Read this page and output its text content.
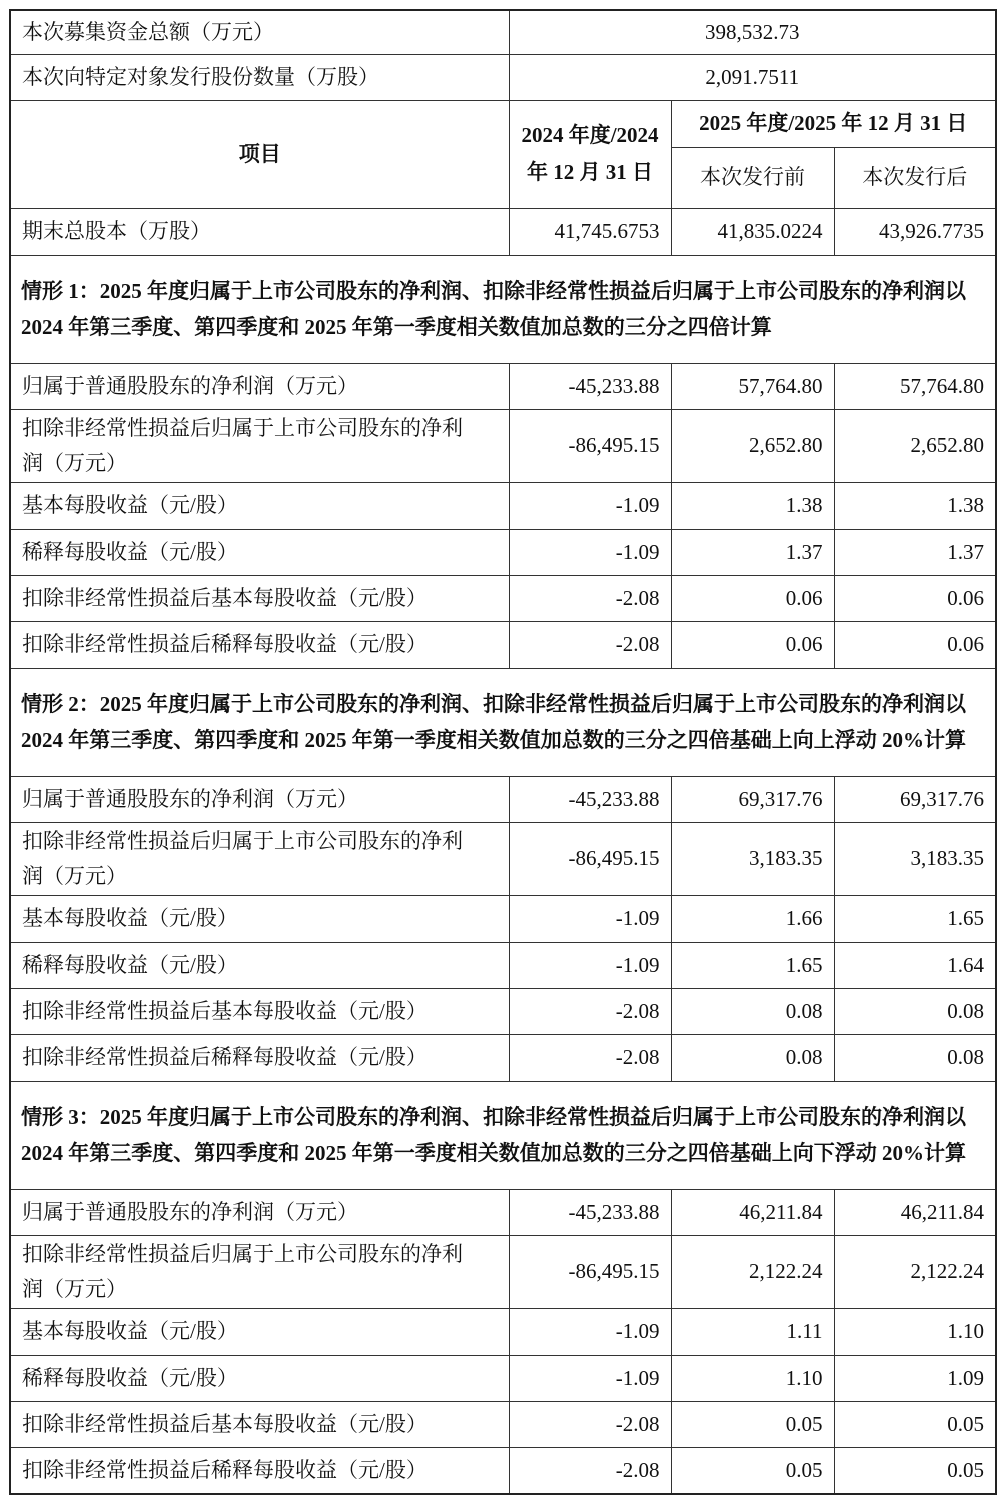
本次募集资金总额（万元）	398,532.73		
本次向特定对象发行股份数量（万股）	2,091.7511		
项目	2024 年度/2024 年 12 月 31 日	2025 年度/2025 年 12 月 31 日	
		本次发行前	本次发行后
期末总股本（万股）	41,745.6753	41,835.0224	43,926.7735
情形 1：2025 年度归属于上市公司股东的净利润、扣除非经常性损益后归属于上市公司股东的净利润以 2024 年第三季度、第四季度和 2025 年第一季度相关数值加总数的三分之四倍计算			
归属于普通股股东的净利润（万元）	-45,233.88	57,764.80	57,764.80
扣除非经常性损益后归属于上市公司股东的净利润（万元）	-86,495.15	2,652.80	2,652.80
基本每股收益（元/股）	-1.09	1.38	1.38
稀释每股收益（元/股）	-1.09	1.37	1.37
扣除非经常性损益后基本每股收益（元/股）	-2.08	0.06	0.06
扣除非经常性损益后稀释每股收益（元/股）	-2.08	0.06	0.06
情形 2：2025 年度归属于上市公司股东的净利润、扣除非经常性损益后归属于上市公司股东的净利润以 2024 年第三季度、第四季度和 2025 年第一季度相关数值加总数的三分之四倍基础上向上浮动 20%计算			
归属于普通股股东的净利润（万元）	-45,233.88	69,317.76	69,317.76
扣除非经常性损益后归属于上市公司股东的净利润（万元）	-86,495.15	3,183.35	3,183.35
基本每股收益（元/股）	-1.09	1.66	1.65
稀释每股收益（元/股）	-1.09	1.65	1.64
扣除非经常性损益后基本每股收益（元/股）	-2.08	0.08	0.08
扣除非经常性损益后稀释每股收益（元/股）	-2.08	0.08	0.08
情形 3：2025 年度归属于上市公司股东的净利润、扣除非经常性损益后归属于上市公司股东的净利润以 2024 年第三季度、第四季度和 2025 年第一季度相关数值加总数的三分之四倍基础上向下浮动 20%计算			
归属于普通股股东的净利润（万元）	-45,233.88	46,211.84	46,211.84
扣除非经常性损益后归属于上市公司股东的净利润（万元）	-86,495.15	2,122.24	2,122.24
基本每股收益（元/股）	-1.09	1.11	1.10
稀释每股收益（元/股）	-1.09	1.10	1.09
扣除非经常性损益后基本每股收益（元/股）	-2.08	0.05	0.05
扣除非经常性损益后稀释每股收益（元/股）	-2.08	0.05	0.05
